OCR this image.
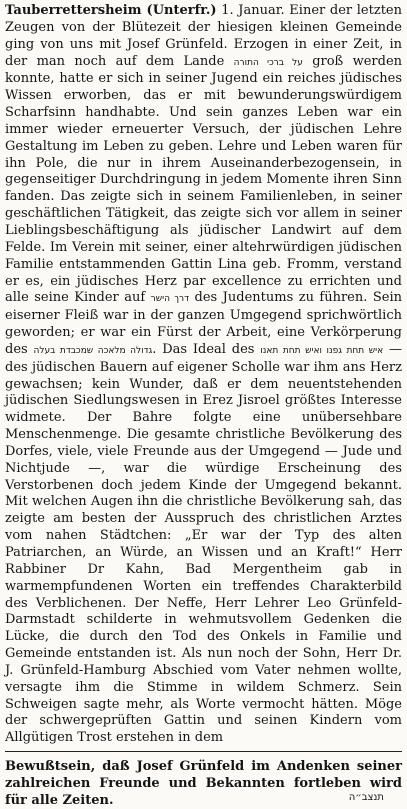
Tauberrettersheim (Unterfr.) 1. Januar. Einer der letzten Zeugen von der Blütezeit der hiesigen kleinen Gemeinde ging von uns mit Josef Grünfeld. Erzogen in einer Zeit, in der man noch auf dem Lande על ברכי התורה groß werden konnte, hatte er sich in seiner Jugend ein reiches jüdisches Wissen erworben, das er mit bewunderungswürdigem Scharfsinn handhabte. Und sein ganzes Leben war ein immer wieder erneuerter Versuch, der jüdischen Lehre Gestaltung im Leben zu geben. Lehre und Leben waren für ihn Pole, die nur in ihrem Auseinanderbezogensein, in gegenseitiger Durchdringung in jedem Momente ihren Sinn fanden. Das zeigte sich in seinem Familienleben, in seiner geschäftlichen Tätigkeit, das zeigte sich vor allem in seiner Lieblingsbeschäftigung als jüdischer Landwirt auf dem Felde. Im Verein mit seiner, einer altehrwürdigen jüdischen Familie entstammenden Gattin Lina geb. Fromm, verstand er es, ein jüdisches Herz par excellence zu errichten und alle seine Kinder auf דרך הישר des Judentums zu führen. Sein eiserner Fleiß war in der ganzen Umgegend sprichwörtlich geworden; er war ein Fürst der Arbeit, eine Verkörperung des גדולה מלאכה שמכבדת בעלה. Das Ideal des איש תחת גפנו ואיש תחת תאנו — des jüdischen Bauern auf eigener Scholle war ihm ans Herz gewachsen; kein Wunder, daß er dem neuentstehenden jüdischen Siedlungswesen in Erez Jisroel größtes Interesse widmete. Der Bahre folgte eine unübersehbare Menschenmenge. Die gesamte christliche Bevölkerung des Dorfes, viele, viele Freunde aus der Umgegend — Jude und Nichtjude —, war die würdige Erscheinung des Verstorbenen doch jedem Kinde der Umgegend bekannt. Mit welchen Augen ihn die christliche Bevölkerung sah, das zeigte am besten der Ausspruch des christlichen Arztes vom nahen Städtchen: „Er war der Typ des alten Patriarchen, an Würde, an Wissen und an Kraft!“ Herr Rabbiner Dr Kahn, Bad Mergentheim gab in warmempfundenen Worten ein treffendes Charakterbild des Verblichenen. Der Neffe, Herr Lehrer Leo Grünfeld-Darmstadt schilderte in wehmutsvollem Gedenken die Lücke, die durch den Tod des Onkels in Familie und Gemeinde entstanden ist. Als nun noch der Sohn, Herr Dr. J. Grünfeld-Hamburg Abschied vom Vater nehmen wollte, versagte ihm die Stimme in wildem Schmerz. Sein Schweigen sagte mehr, als Worte vermocht hätten. Möge der schwergeprüften Gattin und seinen Kindern vom Allgütigen Trost erstehen in dem

Bewußtsein, daß Josef Grünfeld im Andenken seiner zahlreichen Freunde und Bekannten fortleben wird für alle Zeiten.	תנצב״ה
